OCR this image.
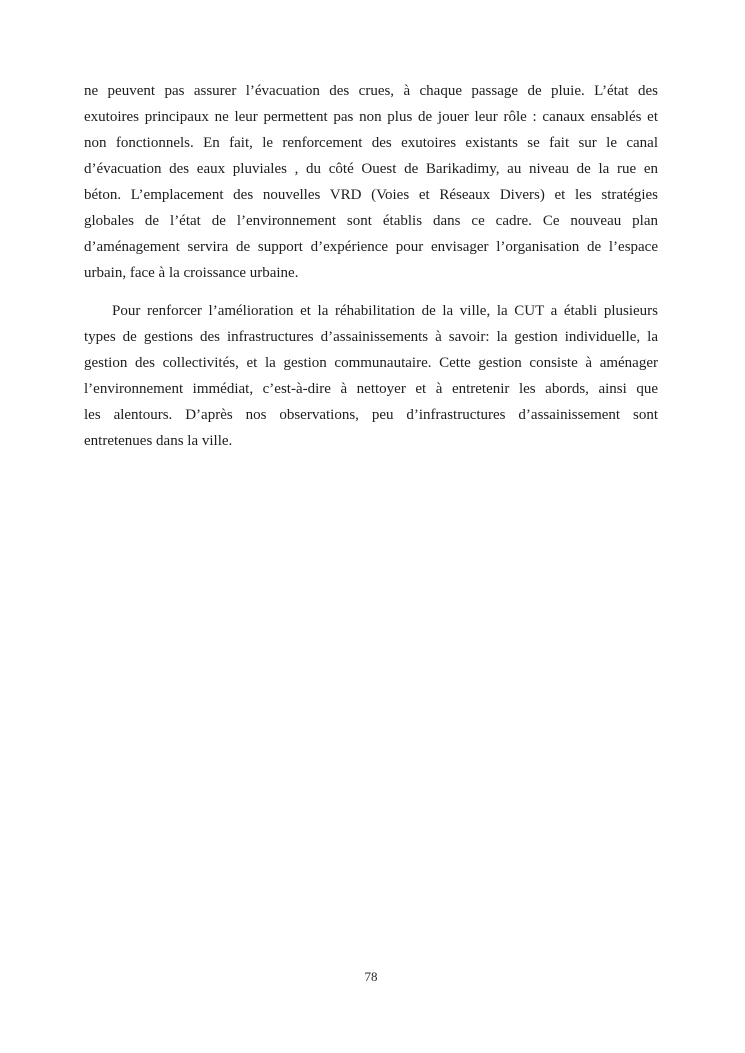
ne peuvent pas assurer l’évacuation des crues, à chaque passage de pluie. L’état des
exutoires principaux ne leur permettent pas non plus de jouer leur rôle : canaux ensablés et
non fonctionnels. En fait, le renforcement des exutoires existants se fait sur le canal
d’évacuation des eaux pluviales , du côté Ouest de Barikadimy, au niveau de la rue en
béton. L’emplacement des nouvelles VRD (Voies et Réseaux Divers) et les stratégies
globales de l’état de l’environnement sont établis dans ce cadre. Ce nouveau plan
d’aménagement servira de support d’expérience pour envisager l’organisation de l’espace
urbain, face à la croissance urbaine.
Pour renforcer l’amélioration et la réhabilitation de la ville, la CUT a établi plusieurs
types de gestions des infrastructures d’assainissements à savoir: la gestion individuelle, la
gestion des collectivités, et la gestion communautaire. Cette gestion consiste à aménager
l’environnement immédiat, c’est-à-dire à nettoyer et à entretenir les abords, ainsi que
les alentours. D’après nos observations, peu d’infrastructures d’assainissement sont
entretenues dans la ville.
78
